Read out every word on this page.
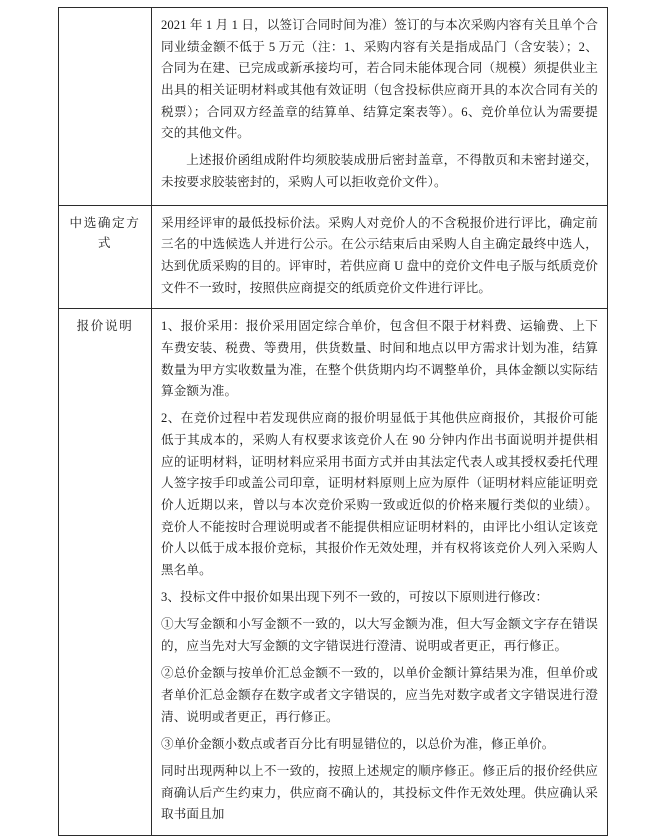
	2021 年 1 月 1 日，以签订合同时间为准）签订的与本次采购内容有关且单个合同业绩金额不低于 5 万元（注：1、采购内容有关是指成品门（含安装）；2、合同为在建、已完成或新承接均可，若合同未能体现合同（规模）须提供业主出具的相关证明材料或其他有效证明（包含投标供应商开具的本次合同有关的税票）；合同双方经盖章的结算单、结算定案表等）。6、竞价单位认为需要提交的其他文件。

上述报价函组成附件均须胶装成册后密封盖章，不得散页和未密封递交，未按要求胶装密封的，采购人可以拒收竞价文件）。

中选确定方式	采用经评审的最低投标价法。采购人对竞价人的不含税报价进行评比，确定前三名的中选候选人并进行公示。在公示结束后由采购人自主确定最终中选人，达到优质采购的目的。评审时，若供应商 U 盘中的竞价文件电子版与纸质竞价文件不一致时，按照供应商提交的纸质竞价文件进行评比。

报价说明	1、报价采用：报价采用固定综合单价，包含但不限于材料费、运输费、上下车费安装、税费、等费用，供货数量、时间和地点以甲方需求计划为准，结算数量为甲方实收数量为准，在整个供货期内均不调整单价，具体金额以实际结算金额为准。

2、在竞价过程中若发现供应商的报价明显低于其他供应商报价，其报价可能低于其成本的，采购人有权要求该竞价人在 90 分钟内作出书面说明并提供相应的证明材料，证明材料应采用书面方式并由其法定代表人或其授权委托代理人签字按手印或盖公司印章，证明材料原则上应为原件（证明材料应能证明竞价人近期以来，曾以与本次竞价采购一致或近似的价格来履行类似的业绩）。竞价人不能按时合理说明或者不能提供相应证明材料的，由评比小组认定该竞价人以低于成本报价竞标，其报价作无效处理，并有权将该竞价人列入采购人黑名单。

3、投标文件中报价如果出现下列不一致的，可按以下原则进行修改：

①大写金额和小写金额不一致的，以大写金额为准，但大写金额文字存在错误的，应当先对大写金额的文字错误进行澄清、说明或者更正，再行修正。

②总价金额与按单价汇总金额不一致的，以单价金额计算结果为准，但单价或者单价汇总金额存在数字或者文字错误的，应当先对数字或者文字错误进行澄清、说明或者更正，再行修正。

③单价金额小数点或者百分比有明显错位的，以总价为准，修正单价。

同时出现两种以上不一致的，按照上述规定的顺序修正。修正后的报价经供应商确认后产生约束力，供应商不确认的，其投标文件作无效处理。供应确认采取书面且加
